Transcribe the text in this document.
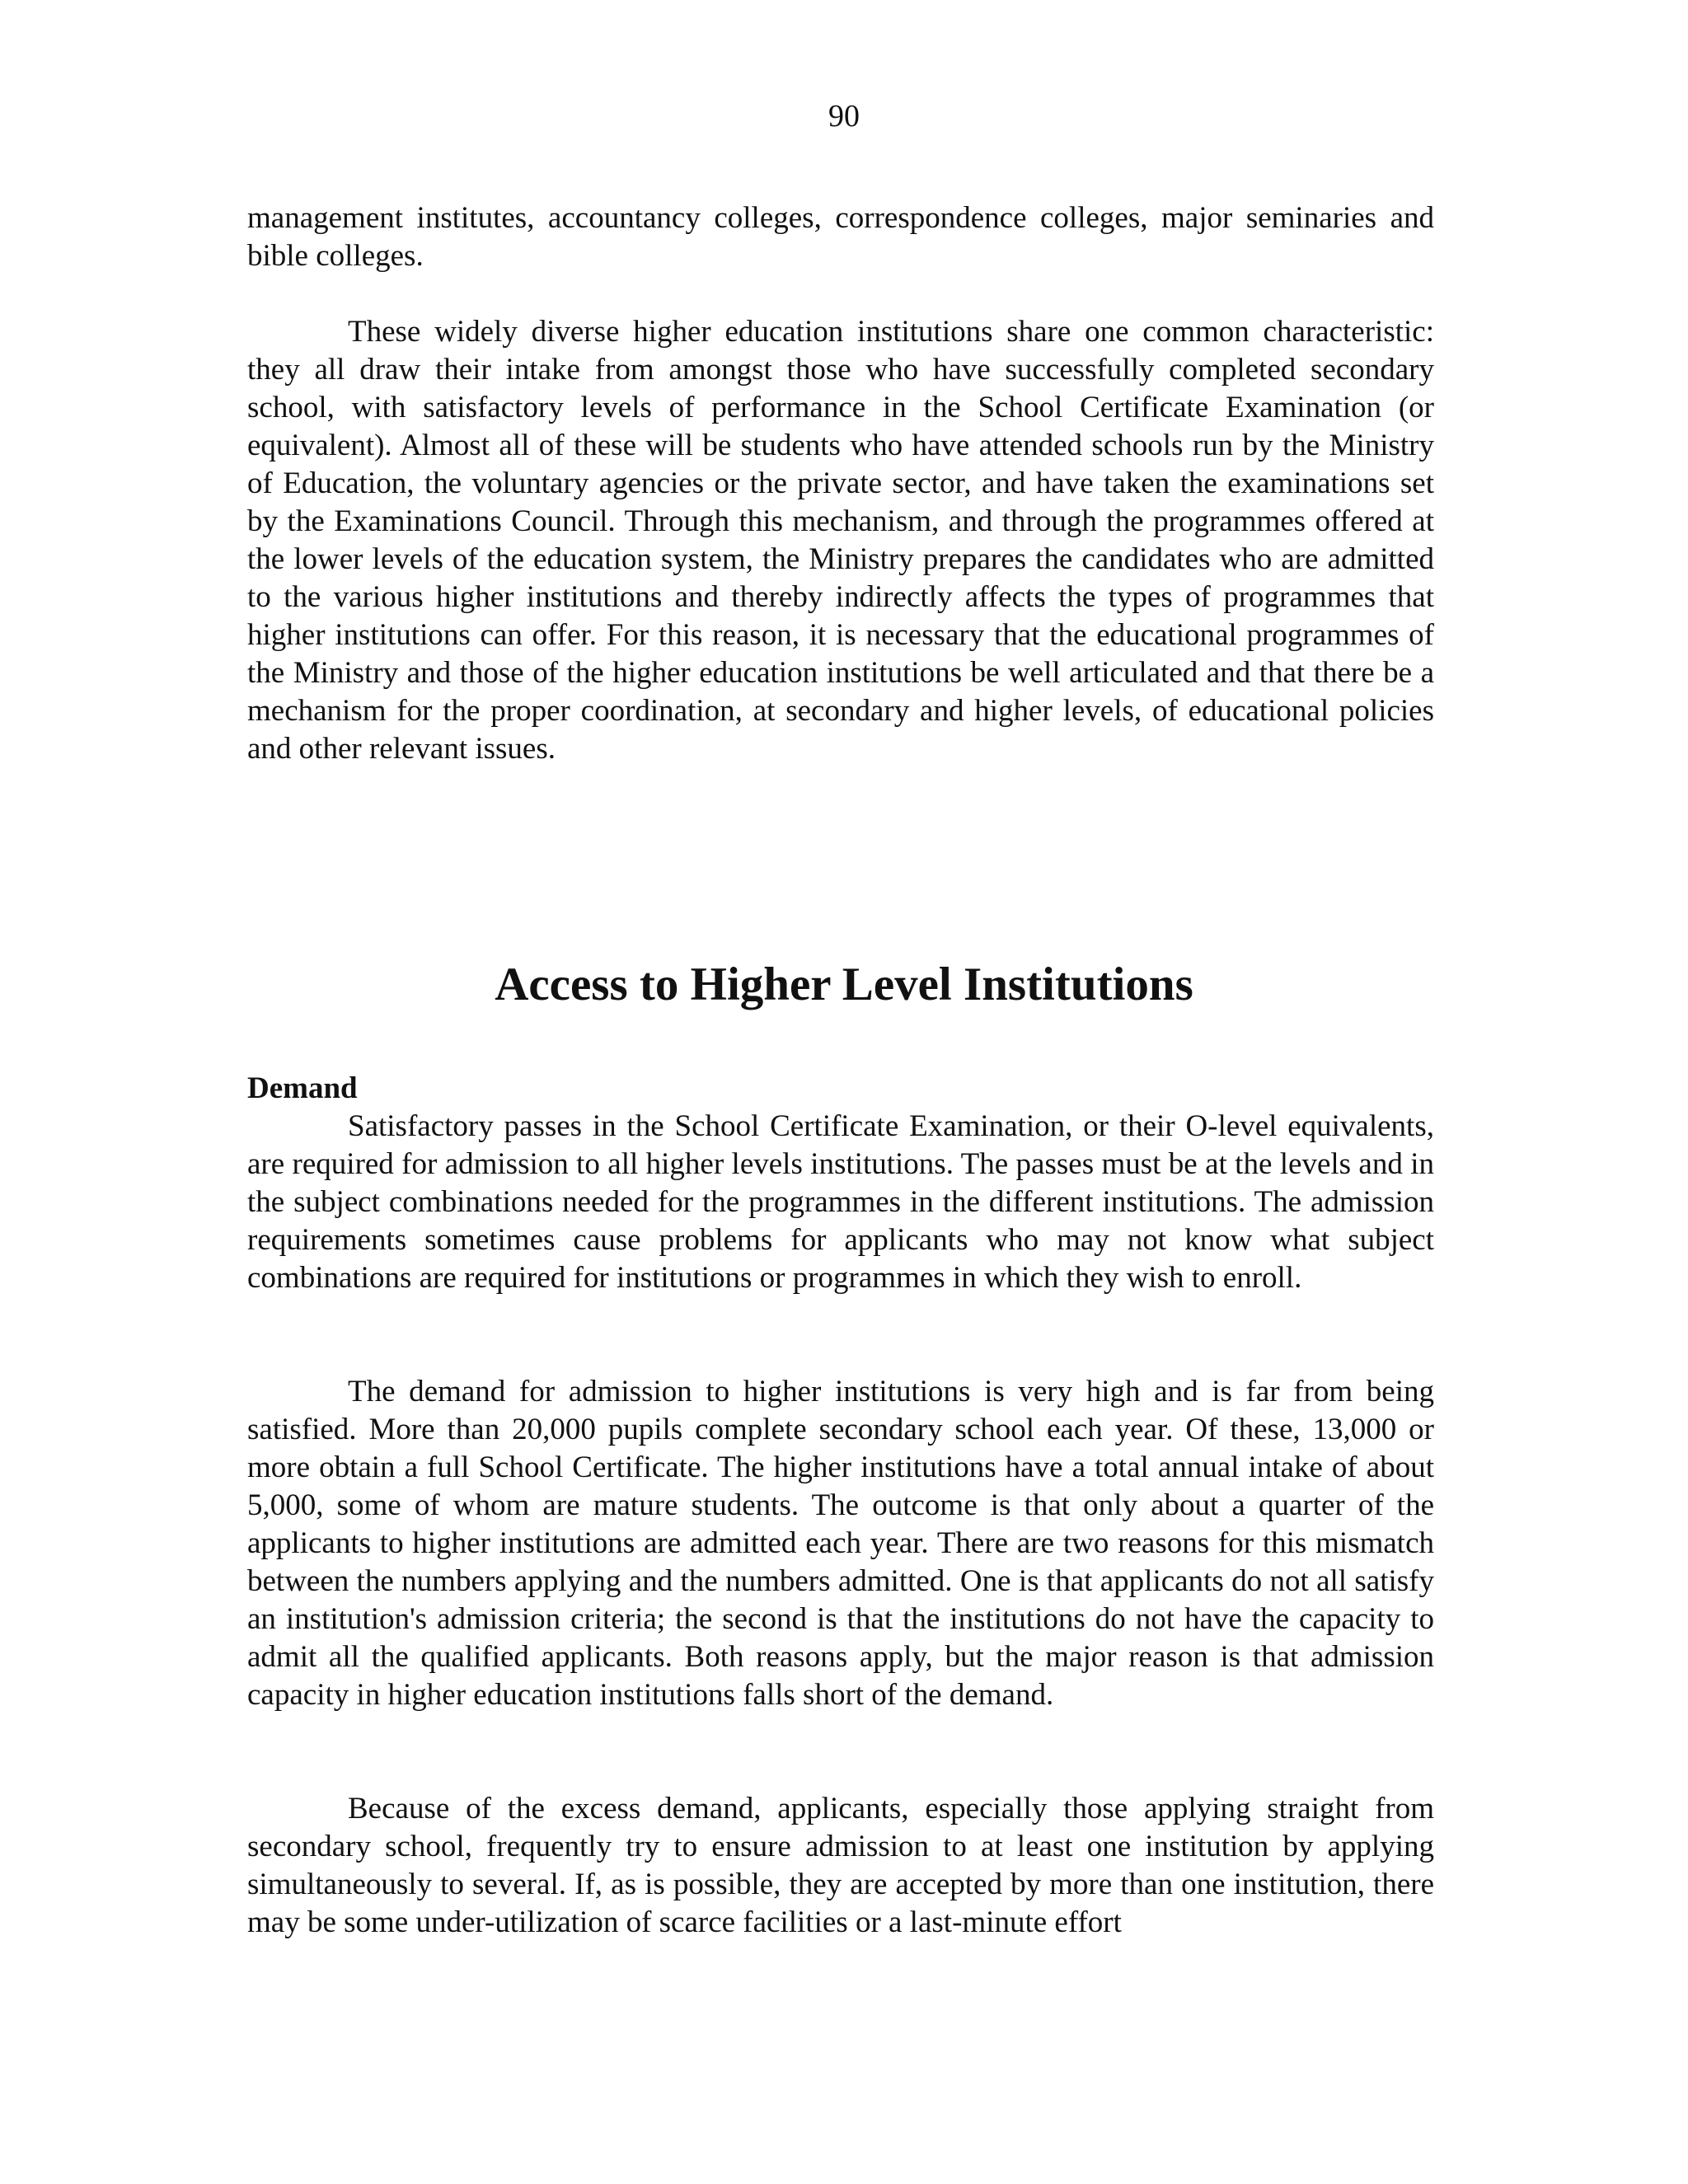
90

management institutes, accountancy colleges, correspondence colleges, major seminaries and bible colleges.

These widely diverse higher education institutions share one common characteristic: they all draw their intake from amongst those who have successfully completed secondary school, with satisfactory levels of performance in the School Certificate Examination (or equivalent). Almost all of these will be students who have attended schools run by the Ministry of Education, the voluntary agencies or the private sector, and have taken the examinations set by the Examinations Council. Through this mechanism, and through the programmes offered at the lower levels of the education system, the Ministry prepares the candidates who are admitted to the various higher institutions and thereby indirectly affects the types of programmes that higher institutions can offer. For this reason, it is necessary that the educational programmes of the Ministry and those of the higher education institutions be well articulated and that there be a mechanism for the proper coordination, at secondary and higher levels, of educational policies and other relevant issues.

Access to Higher Level Institutions
Demand

Satisfactory passes in the School Certificate Examination, or their O-level equivalents, are required for admission to all higher levels institutions. The passes must be at the levels and in the subject combinations needed for the programmes in the different institutions. The admission requirements sometimes cause problems for applicants who may not know what subject combinations are required for institutions or programmes in which they wish to enroll.

The demand for admission to higher institutions is very high and is far from being satisfied. More than 20,000 pupils complete secondary school each year. Of these, 13,000 or more obtain a full School Certificate. The higher institutions have a total annual intake of about 5,000, some of whom are mature students. The outcome is that only about a quarter of the applicants to higher institutions are admitted each year. There are two reasons for this mismatch between the numbers applying and the numbers admitted. One is that applicants do not all satisfy an institution's admission criteria; the second is that the institutions do not have the capacity to admit all the qualified applicants. Both reasons apply, but the major reason is that admission capacity in higher education institutions falls short of the demand.

Because of the excess demand, applicants, especially those applying straight from secondary school, frequently try to ensure admission to at least one institution by applying simultaneously to several. If, as is possible, they are accepted by more than one institution, there may be some under-utilization of scarce facilities or a last-minute effort
